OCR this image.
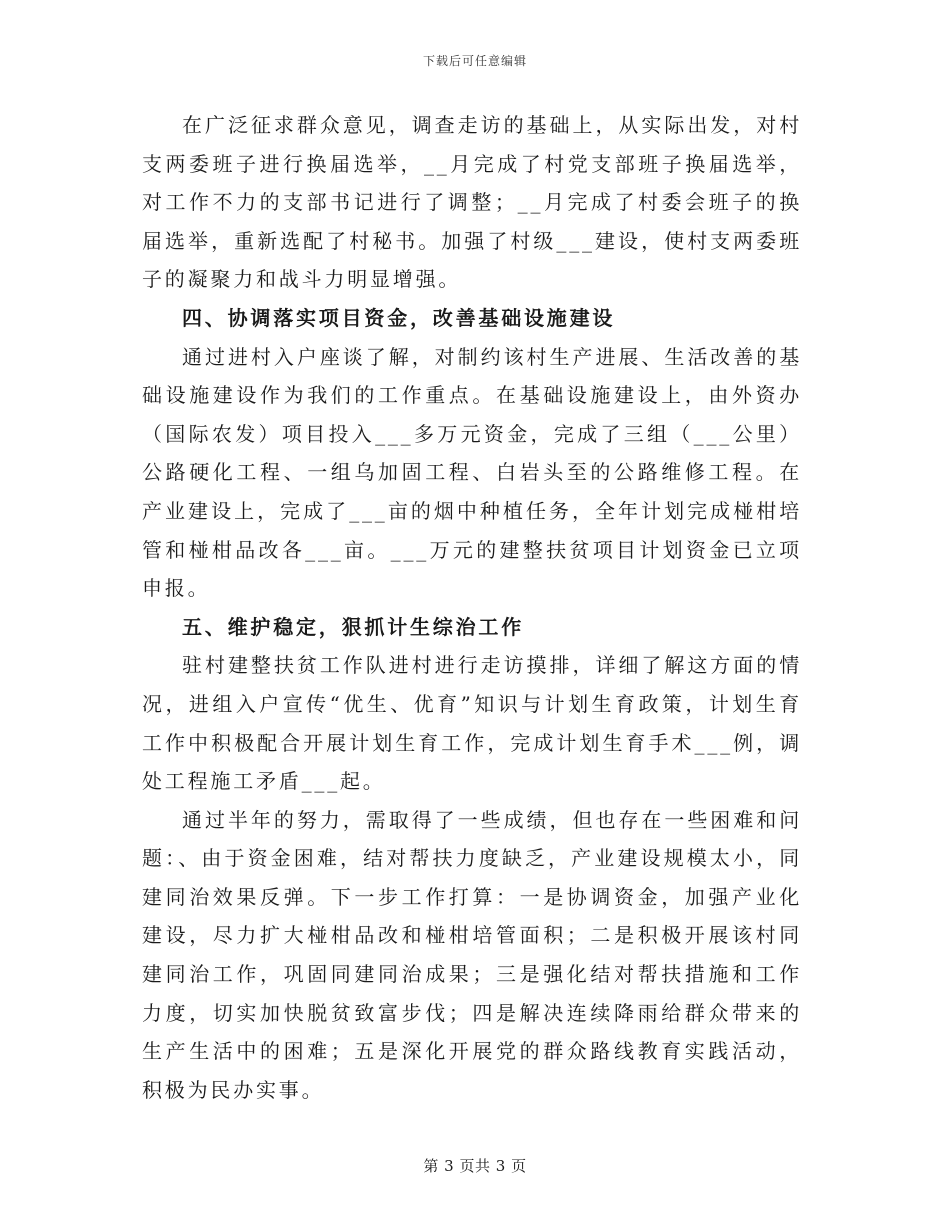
下载后可任意编辑

在广泛征求群众意见，调查走访的基础上，从实际出发，对村支两委班子进行换届选举，__月完成了村党支部班子换届选举，对工作不力的支部书记进行了调整；__月完成了村委会班子的换届选举，重新选配了村秘书。加强了村级___建设，使村支两委班子的凝聚力和战斗力明显增强。

四、协调落实项目资金，改善基础设施建设

通过进村入户座谈了解，对制约该村生产进展、生活改善的基础设施建设作为我们的工作重点。在基础设施建设上，由外资办（国际农发）项目投入___多万元资金，完成了三组（___公里）公路硬化工程、一组乌加固工程、白岩头至的公路维修工程。在产业建设上，完成了___亩的烟中种植任务，全年计划完成椪柑培管和椪柑品改各___亩。___万元的建整扶贫项目计划资金已立项申报。

五、维护稳定，狠抓计生综治工作

驻村建整扶贫工作队进村进行走访摸排，详细了解这方面的情况，进组入户宣传“优生、优育”知识与计划生育政策，计划生育工作中积极配合开展计划生育工作，完成计划生育手术___例，调处工程施工矛盾___起。

通过半年的努力，需取得了一些成绩，但也存在一些困难和问题：、由于资金困难，结对帮扶力度缺乏，产业建设规模太小，同建同治效果反弹。下一步工作打算：一是协调资金，加强产业化建设，尽力扩大椪柑品改和椪柑培管面积；二是积极开展该村同建同治工作，巩固同建同治成果；三是强化结对帮扶措施和工作力度，切实加快脱贫致富步伐；四是解决连续降雨给群众带来的生产生活中的困难；五是深化开展党的群众路线教育实践活动，积极为民办实事。

第 3 页共 3 页
